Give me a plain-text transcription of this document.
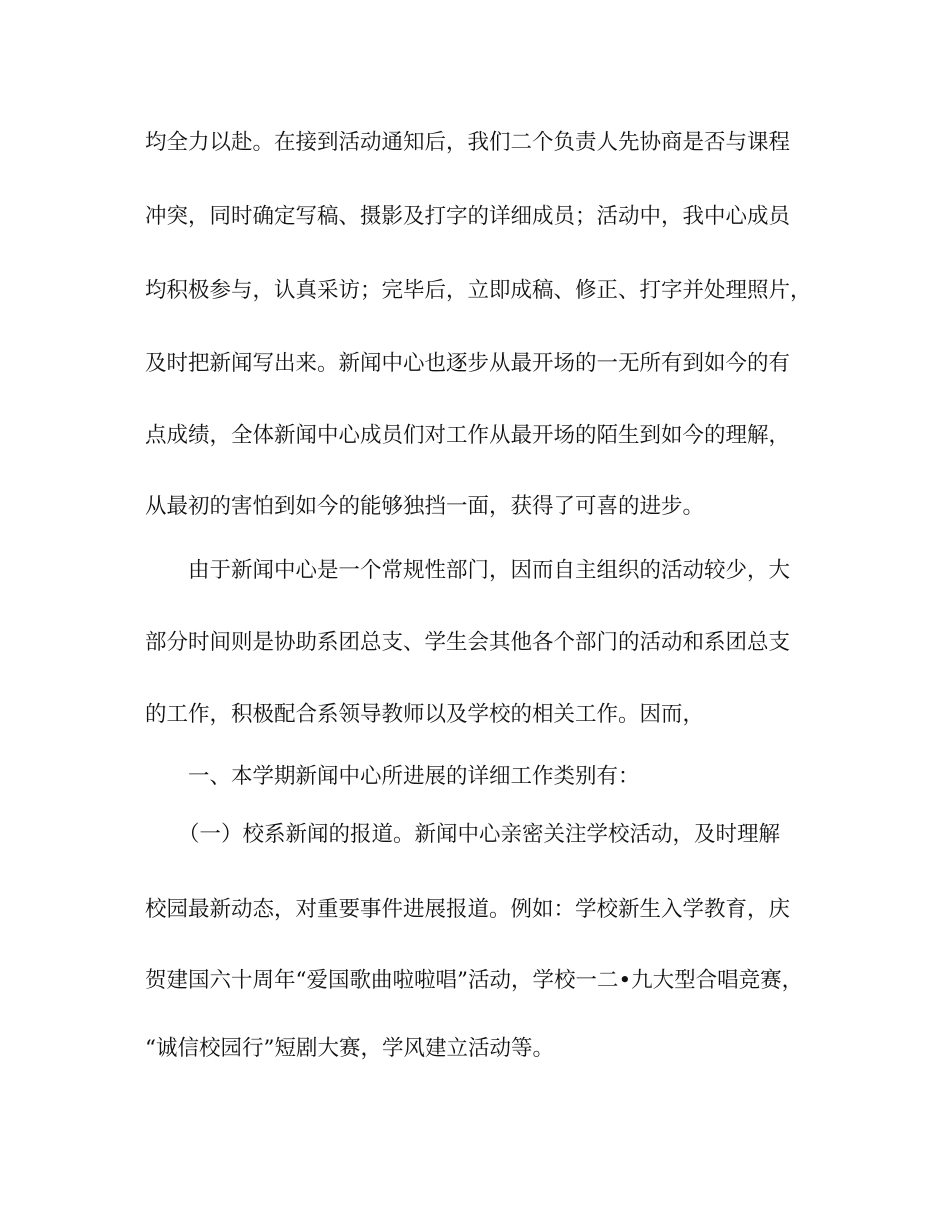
均全力以赴。在接到活动通知后，我们二个负责人先协商是否与课程
冲突，同时确定写稿、摄影及打字的详细成员；活动中，我中心成员
均积极参与，认真采访；完毕后，立即成稿、修正、打字并处理照片，
及时把新闻写出来。新闻中心也逐步从最开场的一无所有到如今的有
点成绩，全体新闻中心成员们对工作从最开场的陌生到如今的理解，
从最初的害怕到如今的能够独挡一面，获得了可喜的进步。
由于新闻中心是一个常规性部门，因而自主组织的活动较少，大
部分时间则是协助系团总支、学生会其他各个部门的活动和系团总支
的工作，积极配合系领导教师以及学校的相关工作。因而，
一、本学期新闻中心所进展的详细工作类别有：
（一）校系新闻的报道。新闻中心亲密关注学校活动，及时理解
校园最新动态，对重要事件进展报道。例如：学校新生入学教育，庆
贺建国六十周年“爱国歌曲啦啦唱”活动，学校一二•九大型合唱竞赛，
“诚信校园行”短剧大赛，学风建立活动等。
